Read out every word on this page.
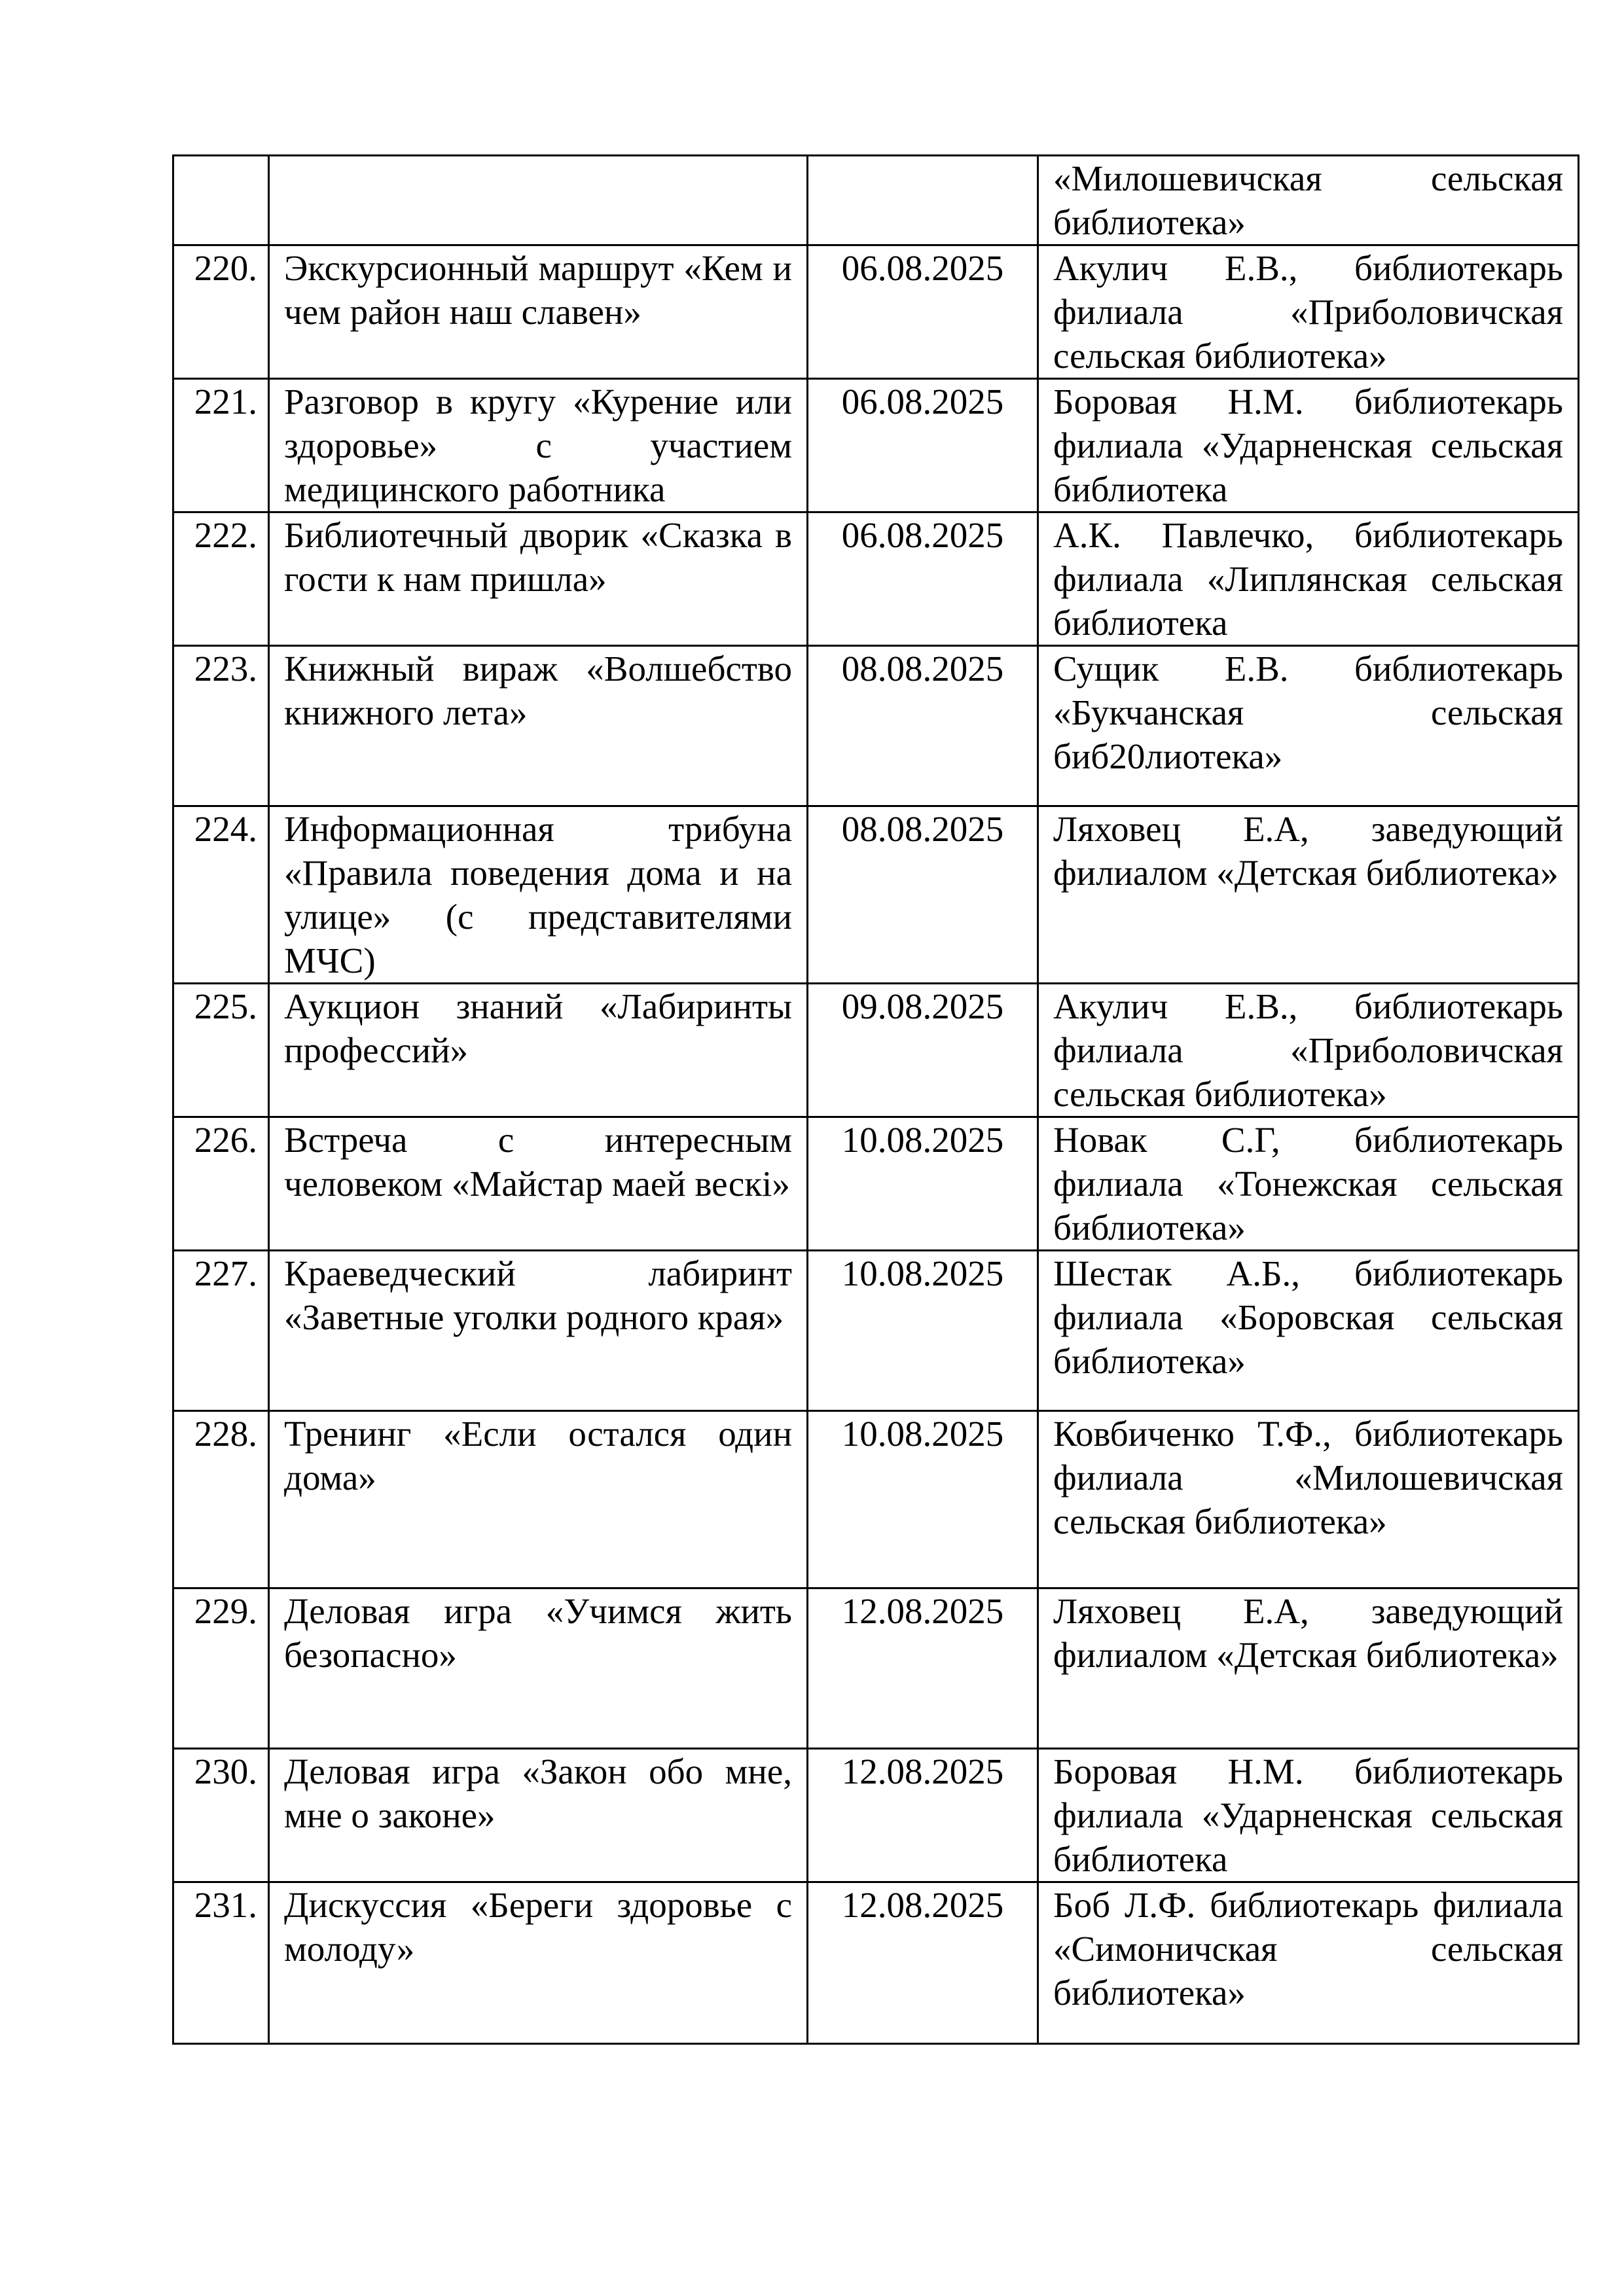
			«Милошевичская сельская библиотека»

220.	Экскурсионный маршрут «Кем и чем район наш славен»	06.08.2025	Акулич Е.В., библиотекарь филиала «Приболовичская сельская библиотека»
221.	Разговор в кругу «Курение или здоровье» с участием медицинского работника	06.08.2025	Боровая Н.М. библиотекарь филиала «Ударненская сельская библиотека
222.	Библиотечный дворик «Сказка в гости к нам пришла»	06.08.2025	А.К. Павлечко, библиотекарь филиала «Липлянская сельская библиотека
223.	Книжный вираж «Волшебство книжного лета»	08.08.2025	Сущик Е.В. библиотекарь «Букчанская сельская биб20лиотека»
224.	Информационная трибуна «Правила поведения дома и на улице» (с представителями МЧС)	08.08.2025	Ляховец Е.А, заведующий филиалом «Детская библиотека»
225.	Аукцион знаний «Лабиринты профессий»	09.08.2025	Акулич Е.В., библиотекарь филиала «Приболовичская сельская библиотека»
226.	Встреча с интересным человеком «Майстар маей вескі»	10.08.2025	Новак С.Г, библиотекарь филиала «Тонежская сельская библиотека»
227.	Краеведческий лабиринт «Заветные уголки родного края»	10.08.2025	Шестак А.Б., библиотекарь филиала «Боровская сельская библиотека»
228.	Тренинг «Если остался один дома»	10.08.2025	Ковбиченко Т.Ф., библиотекарь филиала «Милошевичская сельская библиотека»
229.	Деловая игра «Учимся жить безопасно»	12.08.2025	Ляховец Е.А, заведующий филиалом «Детская библиотека»
230.	Деловая игра «Закон обо мне, мне о законе»	12.08.2025	Боровая Н.М. библиотекарь филиала «Ударненская сельская библиотека
231.	Дискуссия «Береги здоровье с молоду»	12.08.2025	Боб Л.Ф. библиотекарь филиала «Симоничская сельская библиотека»
